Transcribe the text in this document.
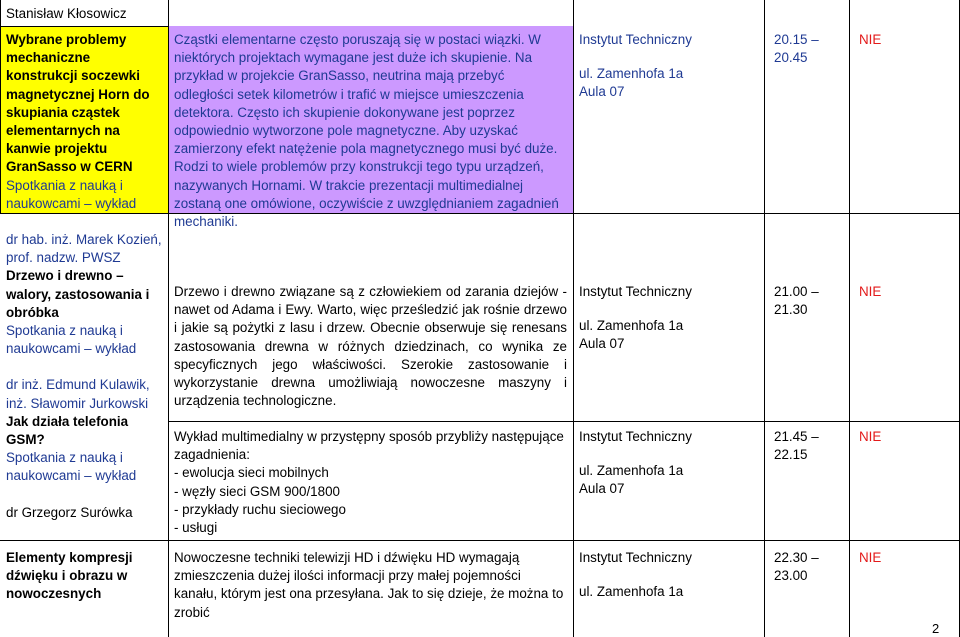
Stanisław Kłosowicz
Wybrane problemy mechaniczne konstrukcji soczewki magnetycznej Horn do skupiania cząstek elementarnych na kanwie projektu GranSasso w CERN
Spotkania z nauką i naukowcami – wykład
Cząstki elementarne często poruszają się w postaci wiązki. W niektórych projektach wymagane jest duże ich skupienie. Na przykład w projekcie GranSasso, neutrina mają przebyć odległości setek kilometrów i trafić w miejsce umieszczenia detektora. Często ich skupienie dokonywane jest poprzez odpowiednio wytworzone pole magnetyczne. Aby uzyskać zamierzony efekt natężenie pola magnetycznego musi być duże. Rodzi to wiele problemów przy konstrukcji tego typu urządzeń, nazywanych Hornami. W trakcie prezentacji multimedialnej zostaną one omówione, oczywiście z uwzględnianiem zagadnień mechaniki.
Instytut Techniczny
ul. Zamenhofa 1a
Aula 07
20.15 –
20.45
NIE
dr hab. inż. Marek Kozień, prof. nadzw. PWSZ
Drzewo i drewno – walory, zastosowania i obróbka
Spotkania z nauką i naukowcami – wykład
dr inż. Edmund Kulawik, inż. Sławomir Jurkowski
Jak działa telefonia GSM?
Spotkania z nauką i naukowcami – wykład
dr Grzegorz Surówka
Drzewo i drewno związane są z człowiekiem od zarania dziejów - nawet od Adama i Ewy. Warto, więc prześledzić jak rośnie drzewo i jakie są pożytki z lasu i drzew. Obecnie obserwuje się renesans zastosowania drewna w różnych dziedzinach, co wynika ze specyficznych jego właściwości. Szerokie zastosowanie i wykorzystanie drewna umożliwiają nowoczesne maszyny i urządzenia technologiczne.
Instytut Techniczny
ul. Zamenhofa 1a
Aula 07
21.00 –
21.30
NIE
Wykład multimedialny w przystępny sposób przybliży następujące zagadnienia:
- ewolucja sieci mobilnych
- węzły sieci GSM 900/1800
- przykłady ruchu sieciowego
- usługi
Instytut Techniczny
ul. Zamenhofa 1a
Aula 07
21.45 –
22.15
NIE
Elementy kompresji dźwięku i obrazu w nowoczesnych
Nowoczesne techniki telewizji HD i dźwięku HD wymagają zmieszczenia dużej ilości informacji przy małej pojemności kanału, którym jest ona przesyłana. Jak to się dzieje, że można to zrobić
Instytut Techniczny
ul. Zamenhofa 1a
22.30 –
23.00
NIE
2
